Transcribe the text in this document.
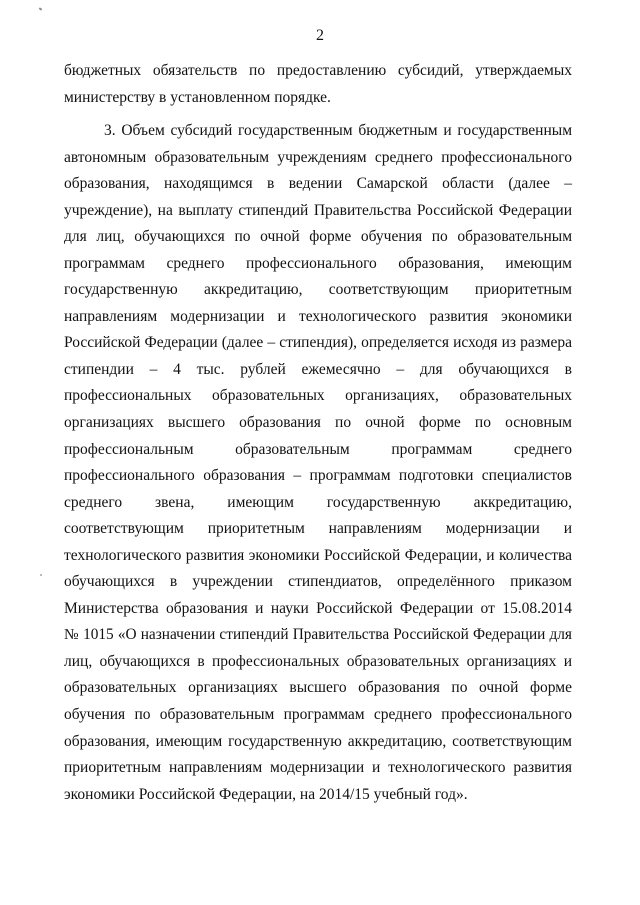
2
бюджетных обязательств по предоставлению субсидий, утверждаемых
министерству в установленном порядке.
3. Объем субсидий государственным бюджетным и государственным
автономным образовательным учреждениям среднего профессионального
образования, находящимся в ведении Самарской области (далее –
учреждение), на выплату стипендий Правительства Российской Федерации
для лиц, обучающихся по очной форме обучения по образовательным
программам среднего профессионального образования, имеющим
государственную аккредитацию, соответствующим приоритетным
направлениям модернизации и технологического развития экономики
Российской Федерации (далее – стипендия), определяется исходя из размера
стипендии – 4 тыс. рублей ежемесячно – для обучающихся в
профессиональных образовательных организациях, образовательных
организациях высшего образования по очной форме по основным
профессиональным образовательным программам среднего
профессионального образования – программам подготовки специалистов
среднего звена, имеющим государственную аккредитацию,
соответствующим приоритетным направлениям модернизации и
технологического развития экономики Российской Федерации, и количества
обучающихся в учреждении стипендиатов, определённого приказом
Министерства образования и науки Российской Федерации от 15.08.2014
№ 1015 «О назначении стипендий Правительства Российской Федерации для
лиц, обучающихся в профессиональных образовательных организациях и
образовательных организациях высшего образования по очной форме
обучения по образовательным программам среднего профессионального
образования, имеющим государственную аккредитацию, соответствующим
приоритетным направлениям модернизации и технологического развития
экономики Российской Федерации, на 2014/15 учебный год».
